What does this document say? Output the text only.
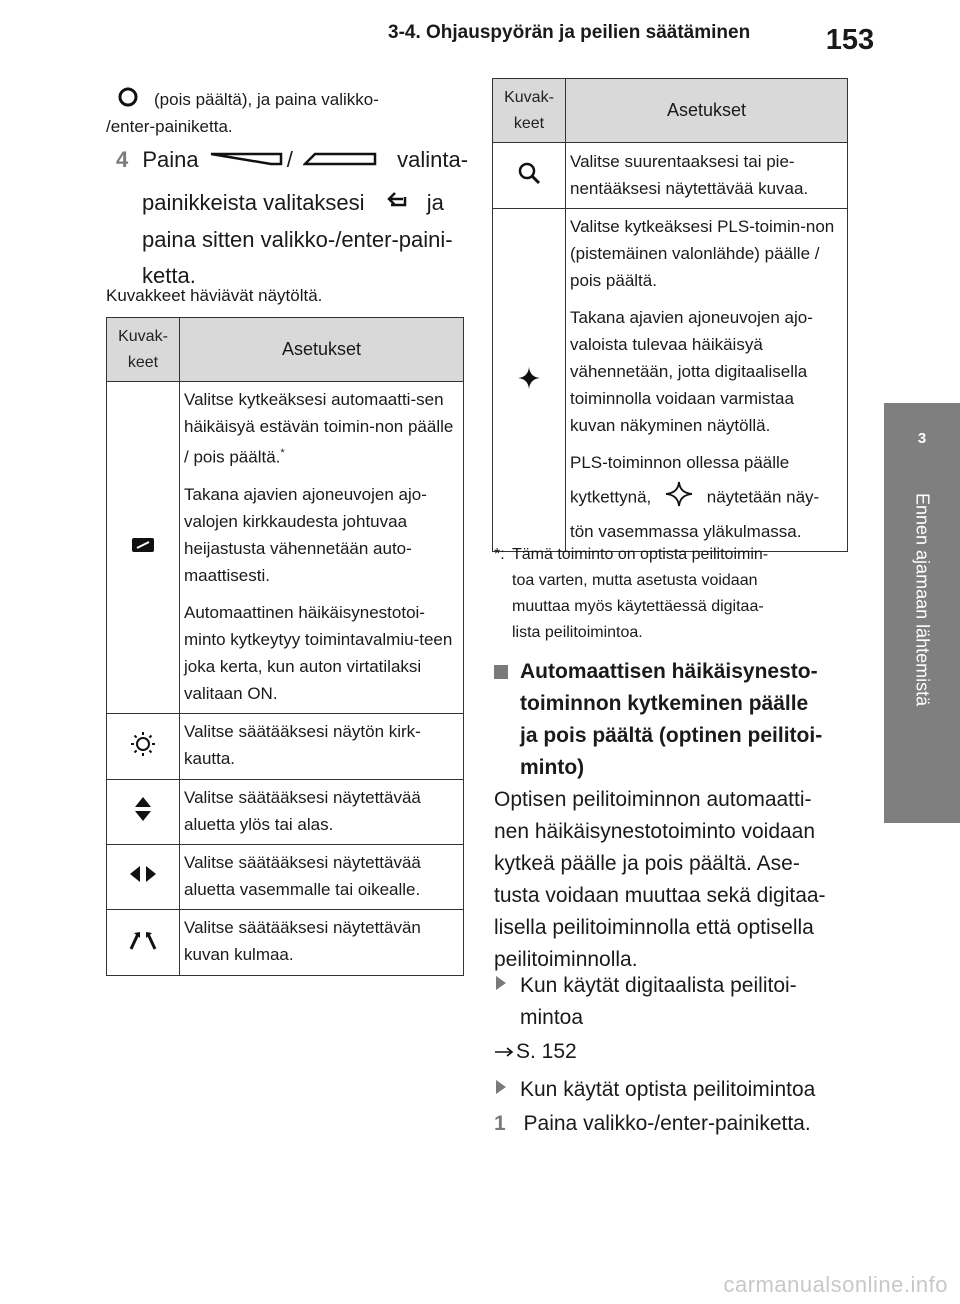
3-4. Ohjauspyörän ja peilien säätäminen	153
3
Ennen ajamaan lähtemistä
(pois päältä), ja paina valikko-
/enter-painiketta.
4 Paina	/	valinta-
painikkeista valitaksesi	ja
paina sitten valikko-/enter-paini-
ketta.
Kuvakkeet häviävät näytöltä.
Kuvak-
keet	Asetukset

Valitse kytkeäksesi automaatti-sen häikäisyä estävän toimin-non päälle / pois päältä.*

Takana ajavien ajoneuvojen ajo-valojen kirkkaudesta johtuvaa heijastusta vähennetään auto-maattisesti.

Automaattinen häikäisynestotoi-minto kytkeytyy toimintavalmiu-teen joka kerta, kun auton virtatilaksi valitaan ON.

	Valitse säätääksesi näytön kirk-kautta.
	Valitse säätääksesi näytettävää aluetta ylös tai alas.
	Valitse säätääksesi näytettävää aluetta vasemmalle tai oikealle.
	Valitse säätääksesi näytettävän kuvan kulmaa.
Kuvak-
keet	Asetukset
	Valitse suurentaaksesi tai pie-nentääksesi näytettävää kuvaa.

Valitse kytkeäksesi PLS-toimin-non (pistemäinen valonlähde) päälle / pois päältä.

Takana ajavien ajoneuvojen ajo-valoista tulevaa häikäisyä vähennetään, jotta digitaalisella toiminnolla voidaan varmistaa kuvan näkyminen näytöllä.

PLS-toiminnon ollessa päälle

kytkettynä, näytetään näy-

tön vasemmassa yläkulmassa.

*: Tämä toiminto on optista peilitoimin-
toa varten, mutta asetusta voidaan
muuttaa myös käytettäessä digitaa-
lista peilitoimintoa.
Automaattisen häikäisynesto-
toiminnon kytkeminen päälle
ja pois päältä (optinen peilitoi-
minto)
Optisen peilitoiminnon automaatti-
nen häikäisynestotoiminto voidaan
kytkeä päälle ja pois päältä. Ase-
tusta voidaan muuttaa sekä digitaa-
lisella peilitoiminnolla että optisella
peilitoiminnolla.
Kun käytät digitaalista peilitoi-
mintoa
S. 152
Kun käytät optista peilitoimintoa
1 Paina valikko-/enter-painiketta.
carmanualsonline.info
